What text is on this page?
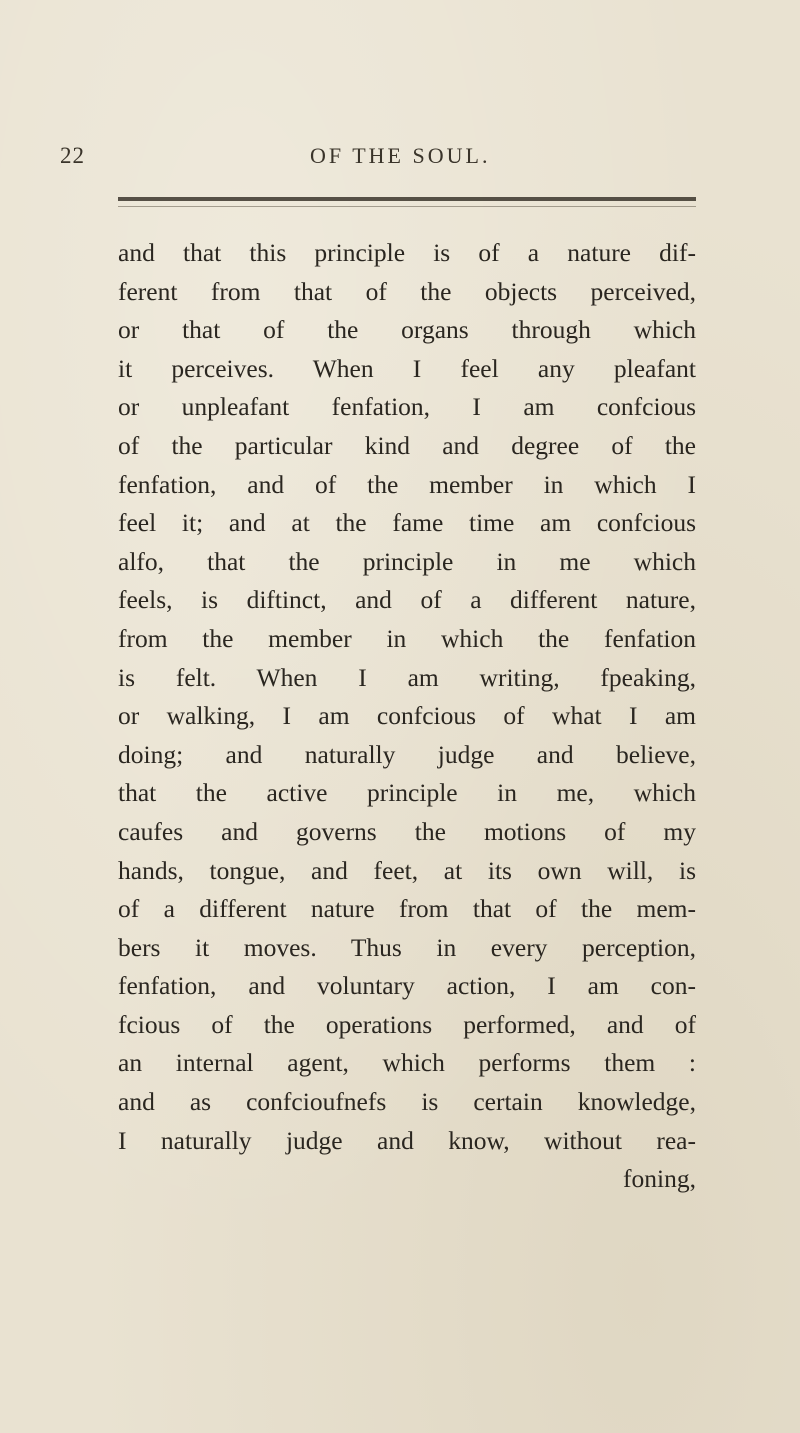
22	OF THE SOUL.
and that this principle is of a nature dif-
ferent from that of the objects perceived,
or that of the organs through which
it perceives. When I feel any pleafant
or unpleafant fenfation, I am confcious
of the particular kind and degree of the
fenfation, and of the member in which I
feel it; and at the fame time am confcious
alfo, that the principle in me which
feels, is diftinct, and of a different nature,
from the member in which the fenfation
is felt. When I am writing, fpeaking,
or walking, I am confcious of what I am
doing; and naturally judge and believe,
that the active principle in me, which
caufes and governs the motions of my
hands, tongue, and feet, at its own will, is
of a different nature from that of the mem-
bers it moves. Thus in every perception,
fenfation, and voluntary action, I am con-
fcious of the operations performed, and of
an internal agent, which performs them :
and as confcioufnefs is certain knowledge,
I naturally judge and know, without rea-
foning,
